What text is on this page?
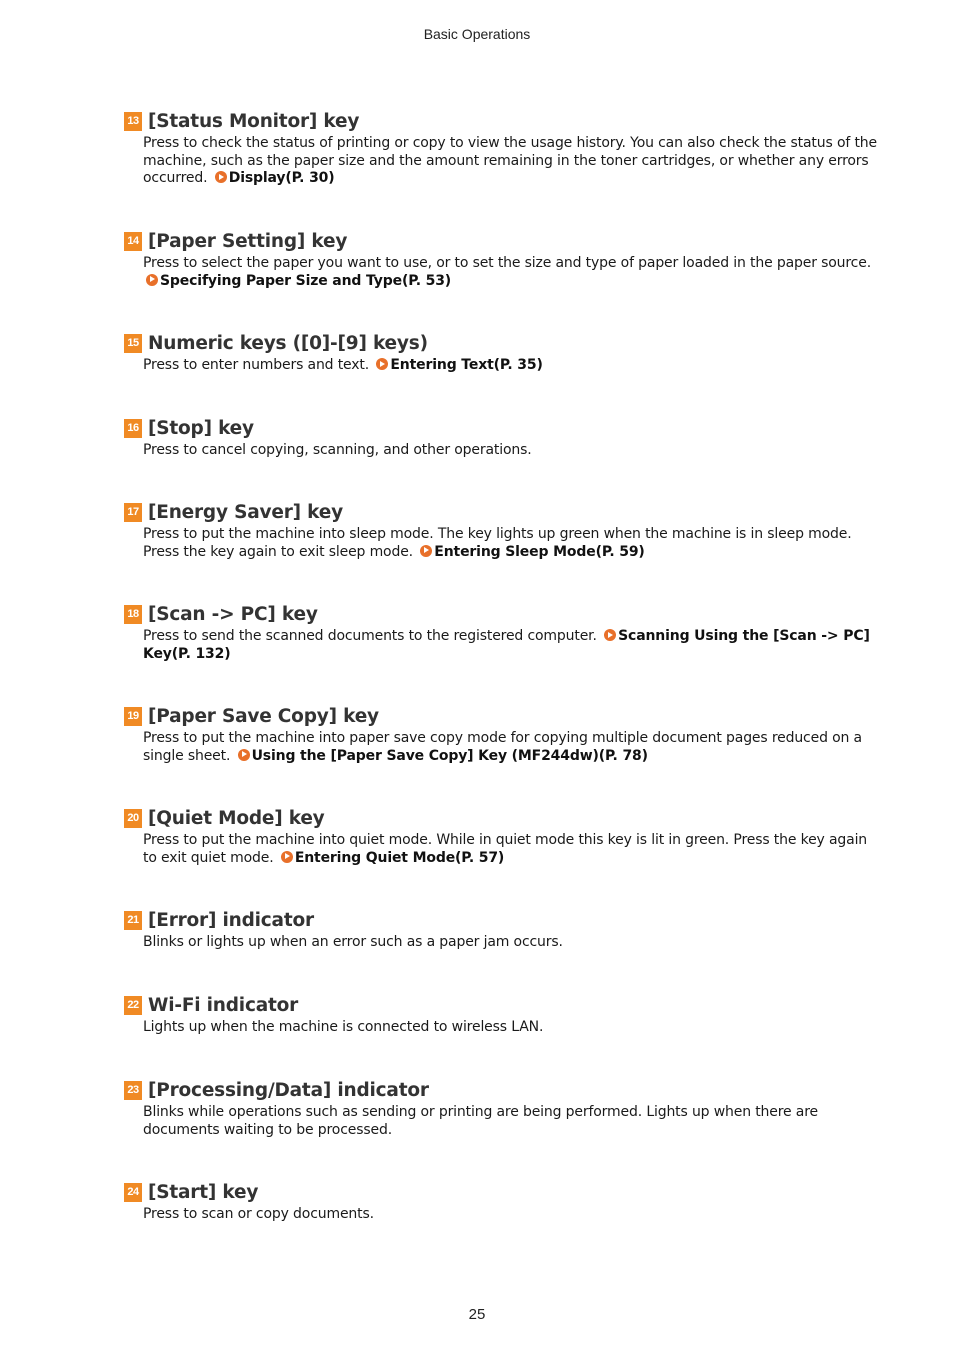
Basic Operations
13 [Status Monitor] key
Press to check the status of printing or copy to view the usage history. You can also check the status of the machine, such as the paper size and the amount remaining in the toner cartridges, or whether any errors occurred. Display(P. 30)
14 [Paper Setting] key
Press to select the paper you want to use, or to set the size and type of paper loaded in the paper source. Specifying Paper Size and Type(P. 53)
15 Numeric keys ([0]-[9] keys)
Press to enter numbers and text. Entering Text(P. 35)
16 [Stop] key
Press to cancel copying, scanning, and other operations.
17 [Energy Saver] key
Press to put the machine into sleep mode. The key lights up green when the machine is in sleep mode. Press the key again to exit sleep mode. Entering Sleep Mode(P. 59)
18 [Scan -> PC] key
Press to send the scanned documents to the registered computer. Scanning Using the [Scan -> PC] Key(P. 132)
19 [Paper Save Copy] key
Press to put the machine into paper save copy mode for copying multiple document pages reduced on a single sheet. Using the [Paper Save Copy] Key (MF244dw)(P. 78)
20 [Quiet Mode] key
Press to put the machine into quiet mode. While in quiet mode this key is lit in green. Press the key again to exit quiet mode. Entering Quiet Mode(P. 57)
21 [Error] indicator
Blinks or lights up when an error such as a paper jam occurs.
22 Wi-Fi indicator
Lights up when the machine is connected to wireless LAN.
23 [Processing/Data] indicator
Blinks while operations such as sending or printing are being performed. Lights up when there are documents waiting to be processed.
24 [Start] key
Press to scan or copy documents.
25
